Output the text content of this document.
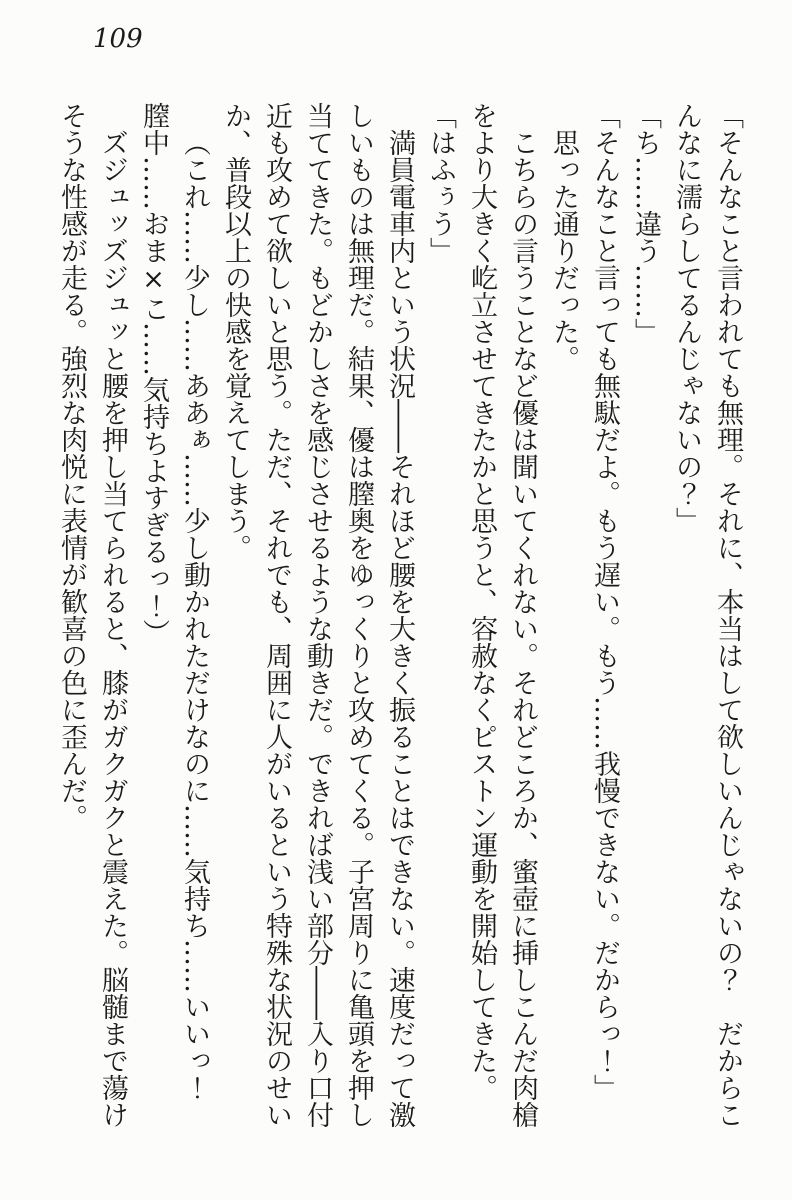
109

「そんなこと言われても無理。それに、本当はして欲しいんじゃないの？　だからこんなに濡らしてるんじゃないの？」

「ち……違う……」

「そんなこと言っても無駄だよ。もう遅い。もう……我慢できない。だからっ！」

思った通りだった。

こちらの言うことなど優は聞いてくれない。それどころか、蜜壺に挿しこんだ肉槍をより大きく屹立させてきたかと思うと、容赦なくピストン運動を開始してきた。

「はふぅう」

満員電車内という状況――それほど腰を大きく振ることはできない。速度だって激しいものは無理だ。結果、優は膣奥をゆっくりと攻めてくる。子宮周りに亀頭を押し当ててきた。もどかしさを感じさせるような動きだ。できれば浅い部分――入り口付近も攻めて欲しいと思う。ただ、それでも、周囲に人がいるという特殊な状況のせいか、普段以上の快感を覚えてしまう。

（これ……少し……ああぁ……少し動かれただけなのに……気持ち……いいっ！　膣中……おま×こ……気持ちよすぎるっ！）

ズジュッズジュッと腰を押し当てられると、膝がガクガクと震えた。脳髄まで蕩けそうな性感が走る。強烈な肉悦に表情が歓喜の色に歪んだ。
